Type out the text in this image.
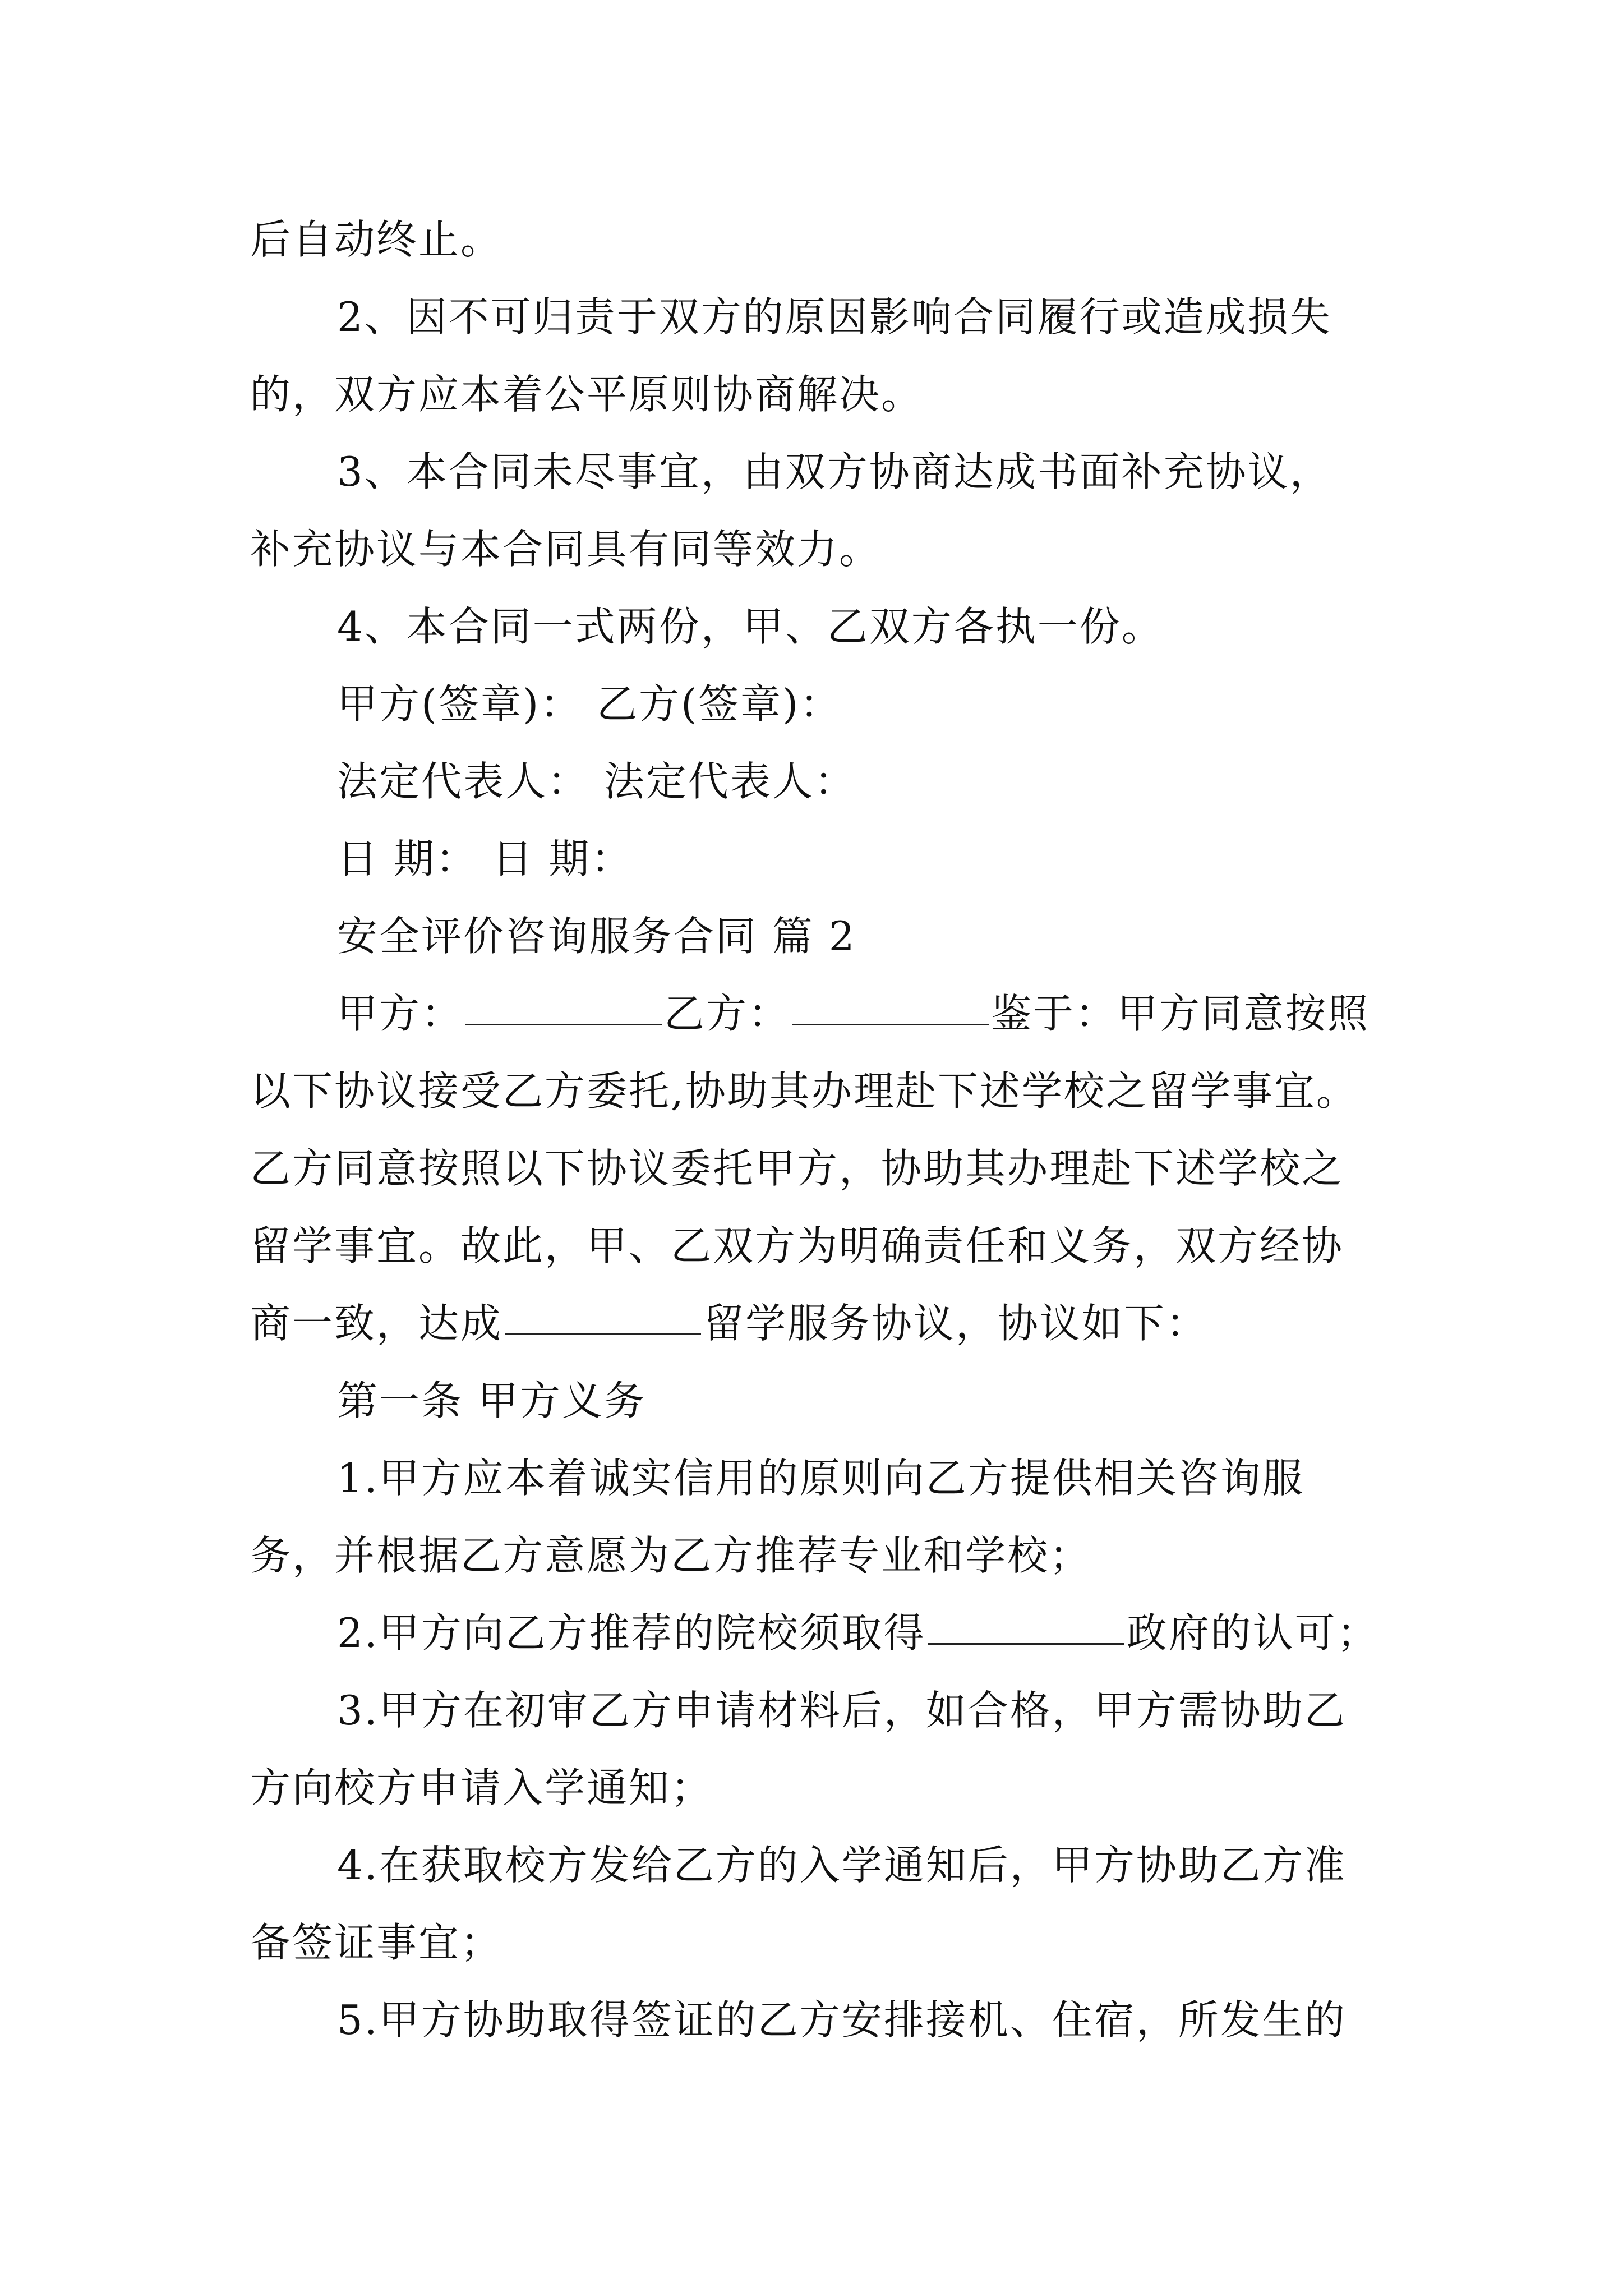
后自动终止。
2、因不可归责于双方的原因影响合同履行或造成损失
的，双方应本着公平原则协商解决。
3、本合同未尽事宜，由双方协商达成书面补充协议，
补充协议与本合同具有同等效力。
4、本合同一式两份，甲、乙双方各执一份。
甲方(签章)： 乙方(签章)：
法定代表人： 法定代表人：
日 期： 日 期：
安全评价咨询服务合同 篇 2
甲方：	乙方：	鉴于：甲方同意按照
以下协议接受乙方委托,协助其办理赴下述学校之留学事宜。
乙方同意按照以下协议委托甲方，协助其办理赴下述学校之
留学事宜。故此，甲、乙双方为明确责任和义务，双方经协
商一致，达成	留学服务协议，协议如下：
第一条 甲方义务
1.甲方应本着诚实信用的原则向乙方提供相关咨询服
务，并根据乙方意愿为乙方推荐专业和学校；
2.甲方向乙方推荐的院校须取得	政府的认可；
3.甲方在初审乙方申请材料后，如合格，甲方需协助乙
方向校方申请入学通知；
4.在获取校方发给乙方的入学通知后，甲方协助乙方准
备签证事宜；
5.甲方协助取得签证的乙方安排接机、住宿，所发生的
